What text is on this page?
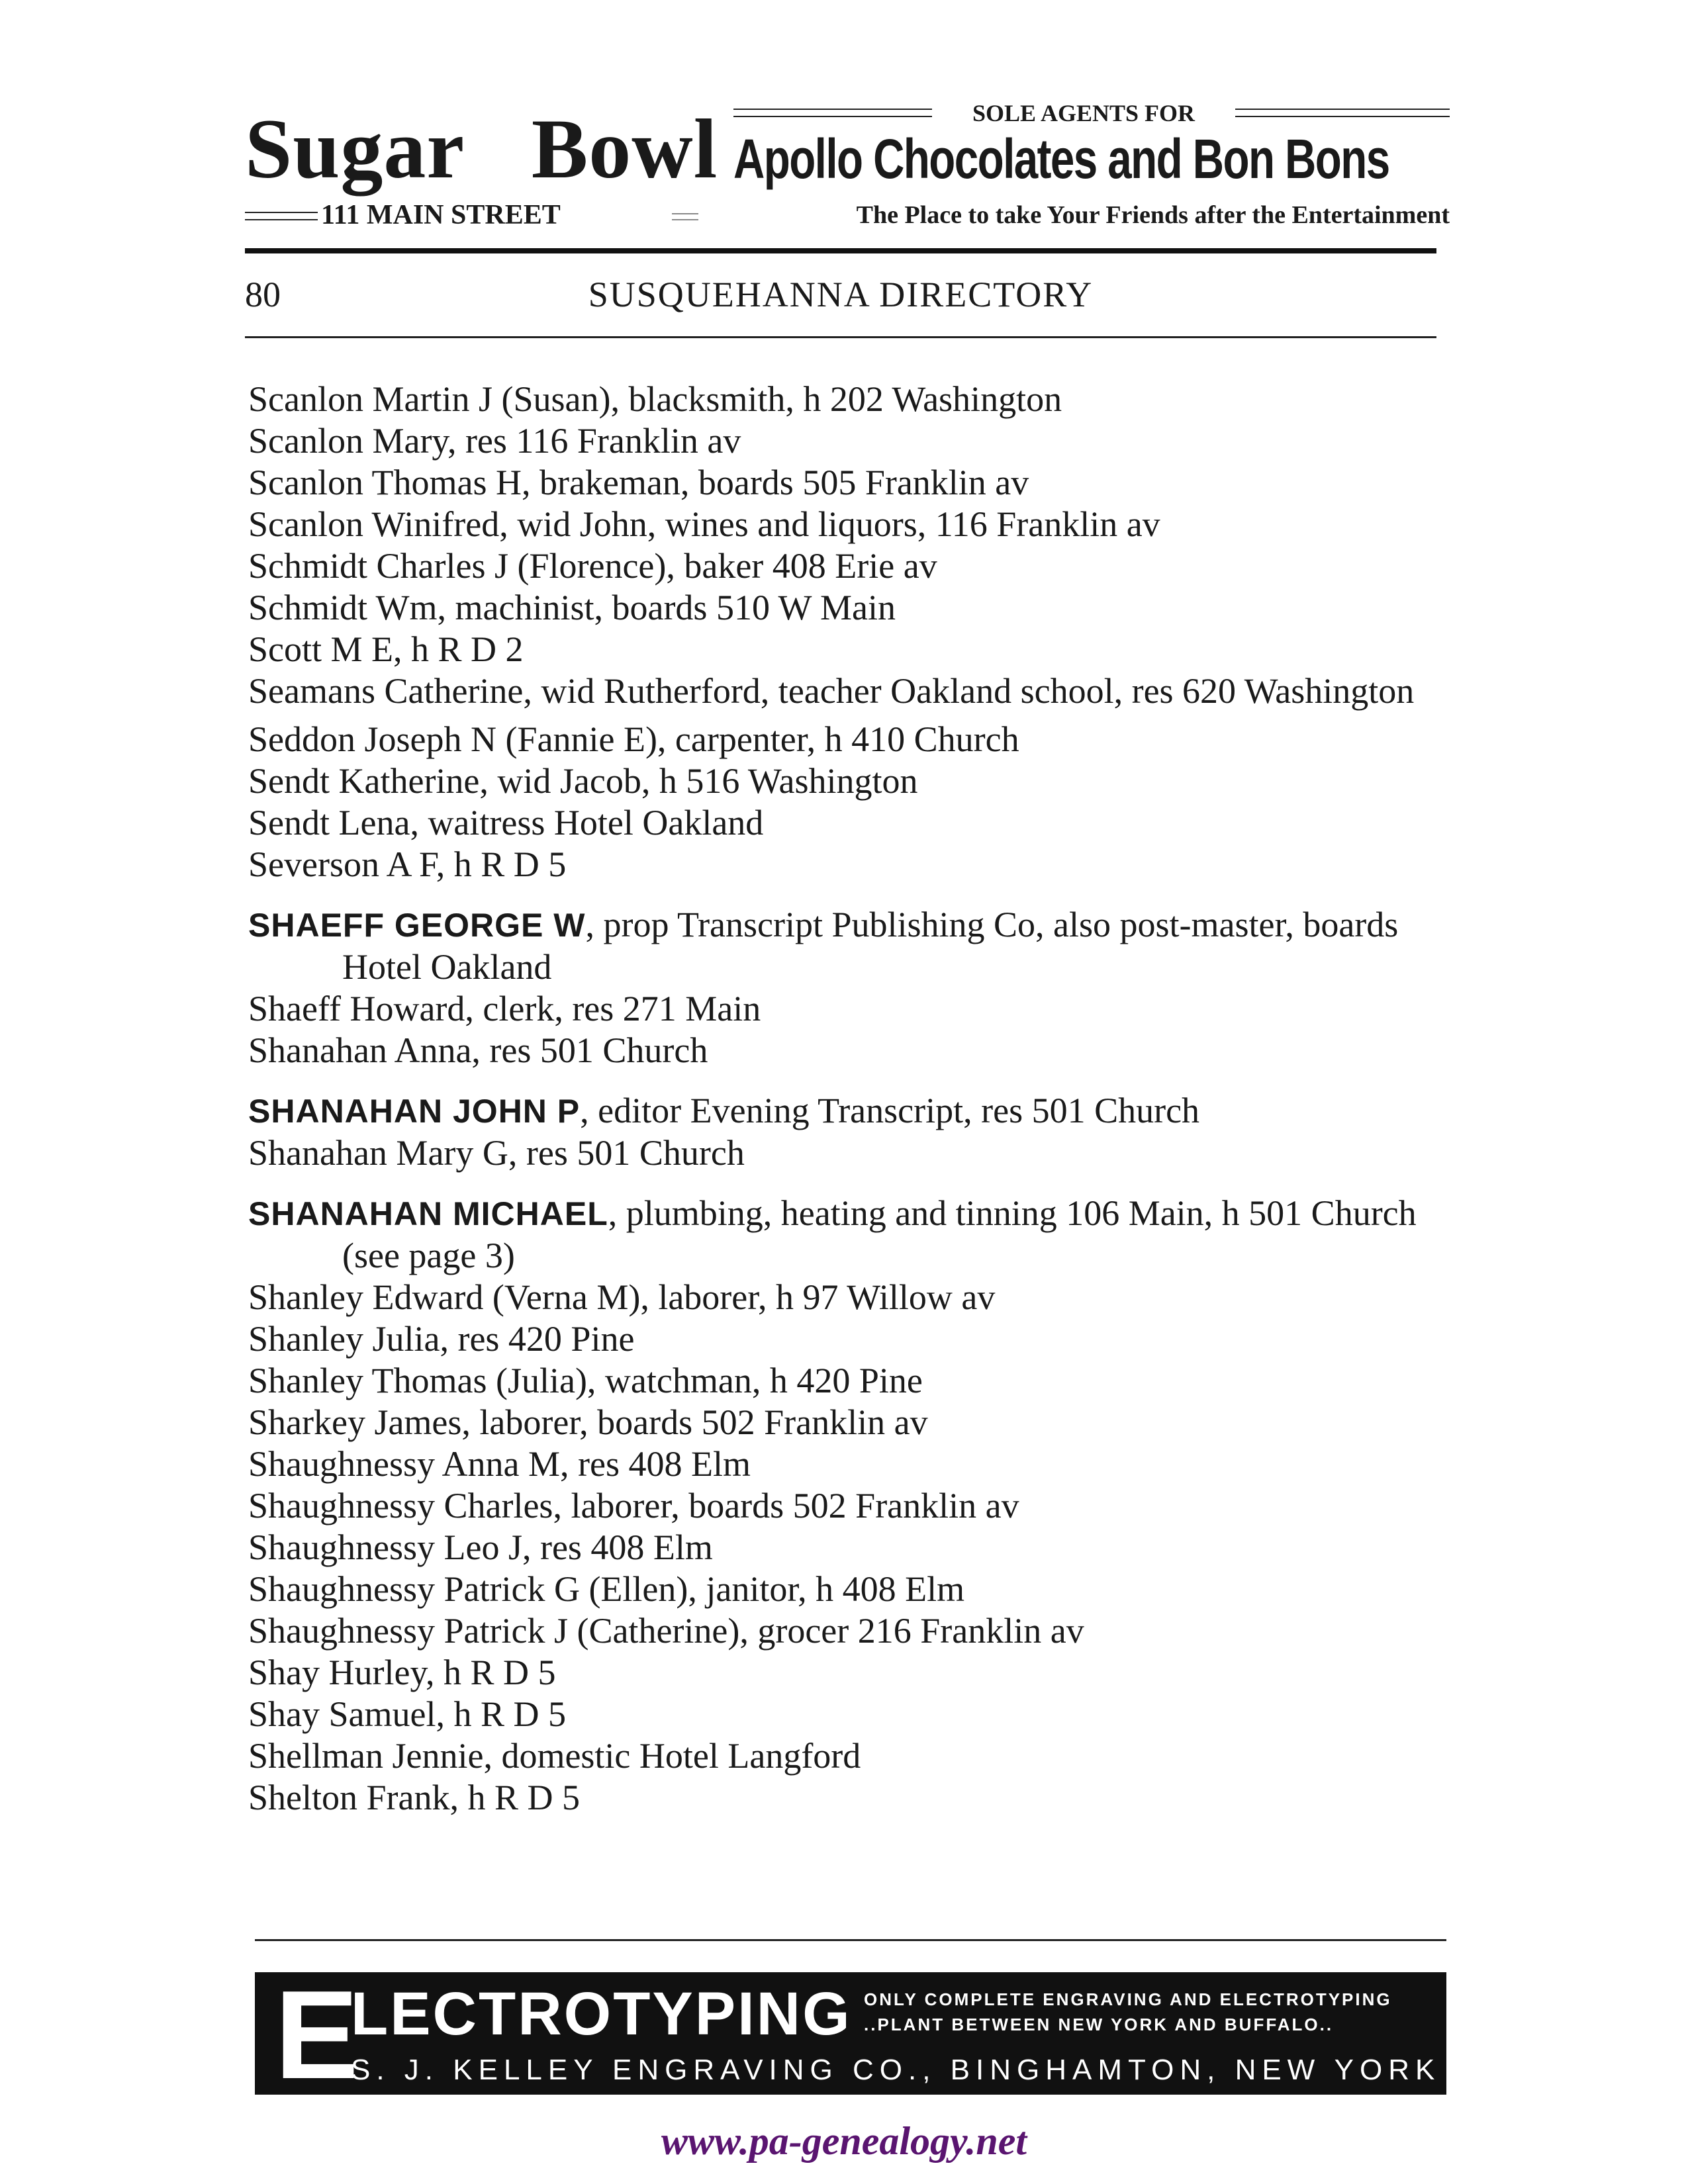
Sugar Bowl
111 MAIN STREET
SOLE AGENTS FOR
Apollo Chocolates and Bon Bons
The Place to take Your Friends after the Entertainment
80	SUSQUEHANNA DIRECTORY
Scanlon Martin J (Susan), blacksmith, h 202 Washington
Scanlon Mary, res 116 Franklin av
Scanlon Thomas H, brakeman, boards 505 Franklin av
Scanlon Winifred, wid John, wines and liquors, 116 Franklin av
Schmidt Charles J (Florence), baker 408 Erie av
Schmidt Wm, machinist, boards 510 W Main
Scott M E, h R D 2
Seamans Catherine, wid Rutherford, teacher Oakland school, res 620 Washington
Seddon Joseph N (Fannie E), carpenter, h 410 Church
Sendt Katherine, wid Jacob, h 516 Washington
Sendt Lena, waitress Hotel Oakland
Severson A F, h R D 5
SHAEFF GEORGE W, prop Transcript Publishing Co, also post-master, boards Hotel Oakland
Shaeff Howard, clerk, res 271 Main
Shanahan Anna, res 501 Church
SHANAHAN JOHN P, editor Evening Transcript, res 501 Church
Shanahan Mary G, res 501 Church
SHANAHAN MICHAEL, plumbing, heating and tinning 106 Main, h 501 Church (see page 3)
Shanley Edward (Verna M), laborer, h 97 Willow av
Shanley Julia, res 420 Pine
Shanley Thomas (Julia), watchman, h 420 Pine
Sharkey James, laborer, boards 502 Franklin av
Shaughnessy Anna M, res 408 Elm
Shaughnessy Charles, laborer, boards 502 Franklin av
Shaughnessy Leo J, res 408 Elm
Shaughnessy Patrick G (Ellen), janitor, h 408 Elm
Shaughnessy Patrick J (Catherine), grocer 216 Franklin av
Shay Hurley, h R D 5
Shay Samuel, h R D 5
Shellman Jennie, domestic Hotel Langford
Shelton Frank, h R D 5
E
LECTROTYPING ONLY COMPLETE ENGRAVING AND ELECTROTYPING
..PLANT BETWEEN NEW YORK AND BUFFALO..
S. J. KELLEY ENGRAVING CO., BINGHAMTON, NEW YORK
www.pa-genealogy.net
